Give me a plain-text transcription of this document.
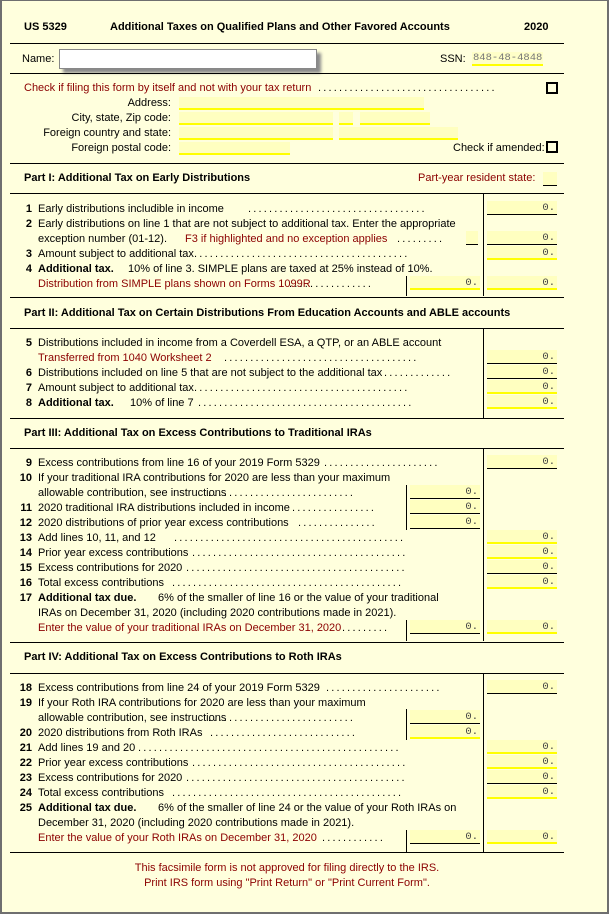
US 5329	Additional Taxes on Qualified Plans and Other Favored Accounts	2020
Name:	SSN: 848-48-4848
Check if filing this form by itself and not with your tax return ..................................
Address:
City, state, Zip code:
Foreign country and state:
Foreign postal code:	Check if amended:
Part I: Additional Tax on Early Distributions	Part-year resident state:
1 Early distributions includible in income ..................................	0.
2 Early distributions on line 1 that are not subject to additional tax. Enter the appropriate
exception number (01-12). F3 if highlighted and no exception applies .........	0.
3 Amount subject to additional tax .........................................	0.
4 Additional tax. 10% of line 3. SIMPLE plans are taxed at 25% instead of 10%.
Distribution from SIMPLE plans shown on Forms 1099R
................	0.	0.
Part II: Additional Tax on Certain Distributions From Education Accounts and ABLE accounts
5 Distributions included in income from a Coverdell ESA, a QTP, or an ABLE account
Transferred from 1040 Worksheet 2 .....................................	0.
6 Distributions included on line 5 that are not subject to the additional tax .............	0.
7 Amount subject to additional tax .........................................	0.
8 Additional tax. 10% of line 7 .........................................	0.
Part III: Additional Tax on Excess Contributions to Traditional IRAs
9 Excess contributions from line 16 of your 2019 Form 5329 ......................	0.
10 If your traditional IRA contributions for 2020 are less than your maximum
allowable contribution, see instructions
............................	0.
11 2020 traditional IRA distributions included in income ................	0.
12 2020 distributions of prior year excess contributions ...............	0.
13 Add lines 10, 11, and 12 ............................................	0.
14 Prior year excess contributions .........................................	0.
15 Excess contributions for 2020 ..........................................	0.
16 Total excess contributions ............................................	0.
17 Additional tax due. 6% of the smaller of line 16 or the value of your traditional
IRAs on December 31, 2020 (including 2020 contributions made in 2021).
Enter the value of your traditional IRAs on December 31, 2020 .........	0.	0.
Part IV: Additional Tax on Excess Contributions to Roth IRAs
18 Excess contributions from line 24 of your 2019 Form 5329 ......................	0.
19 If your Roth IRA contributions for 2020 are less than your maximum
allowable contribution, see instructions
............................	0.
20 2020 distributions from Roth IRAs ............................	0.
21 Add lines 19 and 20 ..................................................	0.
22 Prior year excess contributions .........................................	0.
23 Excess contributions for 2020 ..........................................	0.
24 Total excess contributions ............................................	0.
25 Additional tax due. 6% of the smaller of line 24 or the value of your Roth IRAs on
December 31, 2020 (including 2020 contributions made in 2021).
Enter the value of your Roth IRAs on December 31, 2020 ............	0.	0.
This facsimile form is not approved for filing directly to the IRS.
Print IRS form using "Print Return" or "Print Current Form".
